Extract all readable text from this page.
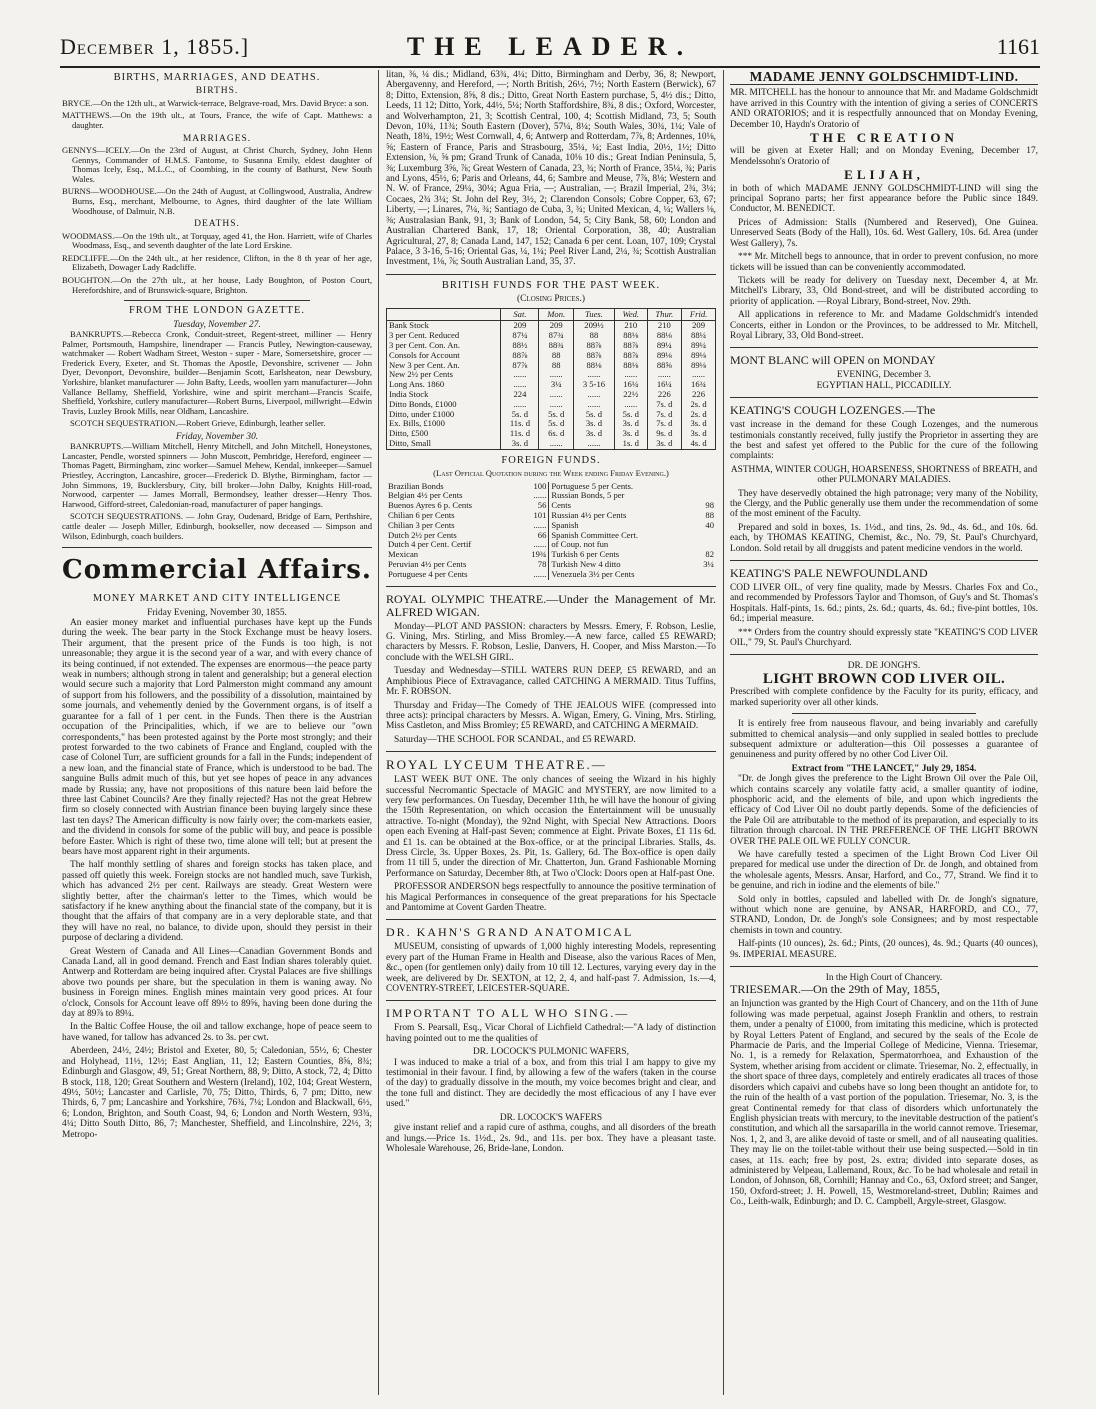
December 1, 1855.]	THE LEADER.	1161
BIRTHS, MARRIAGES, AND DEATHS.
BIRTHS.

BRYCE.—On the 12th ult., at Warwick-terrace, Belgrave-road, Mrs. David Bryce: a son.

MATTHEWS.—On the 19th ult., at Tours, France, the wife of Capt. Matthews: a daughter.

MARRIAGES.

GENNYS—ICELY.—On the 23rd of August, at Christ Church, Sydney, John Henn Gennys, Commander of H.M.S. Fantome, to Susanna Emily, eldest daughter of Thomas Icely, Esq., M.L.C., of Coombing, in the county of Bathurst, New South Wales.

BURNS—WOODHOUSE.—On the 24th of August, at Collingwood, Australia, Andrew Burns, Esq., merchant, Melbourne, to Agnes, third daughter of the late William Woodhouse, of Dalmuir, N.B.

DEATHS.

WOODMASS.—On the 19th ult., at Torquay, aged 41, the Hon. Harriett, wife of Charles Woodmass, Esq., and seventh daughter of the late Lord Erskine.

REDCLIFFE.—On the 24th ult., at her residence, Clifton, in the 8 th year of her age, Elizabeth, Dowager Lady Radcliffe.

BOUGHTON.—On the 27th ult., at her house, Lady Boughton, of Poston Court, Herefordshire, and of Brunswick-square, Brighton.

FROM THE LONDON GAZETTE.
Tuesday, November 27.

BANKRUPTS.—Rebecca Cronk, Conduit-street, Regent-street, milliner — Henry Palmer, Portsmouth, Hampshire, linendraper — Francis Putley, Newington-causeway, watchmaker — Robert Wadham Street, Weston - super - Mare, Somersetshire, grocer — Frederick Every, Exeter, and St. Thomas the Apostle, Devonshire, scrivener — John Dyer, Devonport, Devonshire, builder—Benjamin Scott, Earlsheaton, near Dewsbury, Yorkshire, blanket manufacturer — John Bafty, Leeds, woollen yarn manufacturer—John Vallance Bellamy, Sheffield, Yorkshire, wine and spirit merchant—Francis Scaife, Sheffield, Yorkshire, cutlery manufacturer—Robert Burns, Liverpool, millwright—Edwin Travis, Luzley Brook Mills, near Oldham, Lancashire.

SCOTCH SEQUESTRATION.—Robert Grieve, Edinburgh, leather seller.

Friday, November 30.

BANKRUPTS.—William Mitchell, Henry Mitchell, and John Mitchell, Honeystones, Lancaster, Pendle, worsted spinners — John Muscott, Pembridge, Hereford, engineer — Thomas Pagett, Birmingham, zinc worker—Samuel Mehew, Kendal, innkeeper—Samuel Priestley, Accrington, Lancashire, grocer—Frederick D. Blythe, Birmingham, factor — John Simmons, 19, Bucklersbury, City, bill broker—John Dalby, Knights Hill-road, Norwood, carpenter — James Morrall, Bermondsey, leather dresser—Henry Thos. Harwood, Gifford-street, Caledonian-road, manufacturer of paper hangings.

SCOTCH SEQUESTRATIONS. — John Gray, Oudenard, Bridge of Earn, Perthshire, cattle dealer — Joseph Miller, Edinburgh, bookseller, now deceased — Simpson and Wilson, Edinburgh, coach builders.

Commercial Affairs.
MONEY MARKET AND CITY INTELLIGENCE
Friday Evening, November 30, 1855.

An easier money market and influential purchases have kept up the Funds during the week. The bear party in the Stock Exchange must be heavy losers. Their argument, that the present price of the Funds is too high, is not unreasonable; they argue it is the second year of a war, and with every chance of its being continued, if not extended. The expenses are enormous—the peace party weak in numbers; although strong in talent and generalship; but a general election would secure such a majority that Lord Palmerston might command any amount of support from his followers, and the possibility of a dissolution, maintained by some journals, and vehemently denied by the Government organs, is of itself a guarantee for a fall of 1 per cent. in the Funds. Then there is the Austrian occupation of the Principalities, which, if we are to believe our "own correspondents," has been protested against by the Porte most strongly; and their protest forwarded to the two cabinets of France and England, coupled with the case of Colonel Turr, are sufficient grounds for a fall in the Funds; independent of a new loan, and the financial state of France, which is understood to be bad. The sanguine Bulls admit much of this, but yet see hopes of peace in any advances made by Russia; any, have not propositions of this nature been laid before the three last Cabinet Councils? Are they finally rejected? Has not the great Hebrew firm so closely connected with Austrian finance been buying largely since these last ten days? The American difficulty is now fairly over; the com-markets easier, and the dividend in consols for some of the public will buy, and peace is possible before Easter. Which is right of these two, time alone will tell; but at present the bears have most apparent right in their arguments.

The half monthly settling of shares and foreign stocks has taken place, and passed off quietly this week. Foreign stocks are not handled much, save Turkish, which has advanced 2½ per cent. Railways are steady. Great Western were slightly better, after the chairman's letter to the Times, which would be satisfactory if he knew anything about the financial state of the company, but it is thought that the affairs of that company are in a very deplorable state, and that they will have no real, no balance, to divide upon, should they persist in their purpose of declaring a dividend.

Great Western of Canada and All Lines—Canadian Government Bonds and Canada Land, all in good demand. French and East Indian shares tolerably quiet. Antwerp and Rotterdam are being inquired after. Crystal Palaces are five shillings above two pounds per share, but the speculation in them is waning away. No business in Foreign mines. English mines maintain very good prices. At four o'clock, Consols for Account leave off 89½ to 89⅝, having been done during the day at 89⅞ to 89¼.

In the Baltic Coffee House, the oil and tallow exchange, hope of peace seem to have waned, for tallow has advanced 2s. to 3s. per cwt.

Aberdeen, 24½, 24½; Bristol and Exeter, 80, 5; Caledonian, 55½, 6; Chester and Holyhead, 11½, 12½; East Anglian, 11, 12; Eastern Counties, 8⅝, 8¾; Edinburgh and Glasgow, 49, 51; Great Northern, 88, 9; Ditto, A stock, 72, 4; Ditto B stock, 118, 120; Great Southern and Western (Ireland), 102, 104; Great Western, 49½, 50½; Lancaster and Carlisle, 70, 75; Ditto, Thirds, 6, 7 pm; Ditto, new Thirds, 6, 7 pm; Lancashire and Yorkshire, 76¾, 7¼; London and Blackwall, 6½, 6; London, Brighton, and South Coast, 94, 6; London and North Western, 93¾, 4¼; Ditto South Ditto, 86, 7; Manchester, Sheffield, and Lincolnshire, 22½, 3; Metropo-

litan, ⅜, ¼ dis.; Midland, 63¾, 4¼; Ditto, Birmingham and Derby, 36, 8; Newport, Abergavenny, and Hereford, —; North British, 26½, 7½; North Eastern (Berwick), 67 8; Ditto, Extension, 8⅝, 8 dis.; Ditto, Great North Eastern purchase, 5, 4½ dis.; Ditto, Leeds, 11 12; Ditto, York, 44½, 5¼; North Staffordshire, 8¾, 8 dis.; Oxford, Worcester, and Wolverhampton, 21, 3; Scottish Central, 100, 4; Scottish Midland, 73, 5; South Devon, 10¾, 11¾; South Eastern (Dover), 57¼, 8¼; South Wales, 30¾, 1¼; Vale of Neath, 18¾, 19½; West Cornwall, 4, 6; Antwerp and Rotterdam, 7⅞, 8; Ardennes, 10⅛, ⅝; Eastern of France, Paris and Strasbourg, 35¼, ¼; East India, 20½, 1½; Ditto Extension, ⅛, ⅝ pm; Grand Trunk of Canada, 10⅛ 10 dis.; Great Indian Peninsula, 5, ⅜; Luxemburg 3⅝, ⅞; Great Western of Canada, 23, ¾; North of France, 35¼, ¾; Paris and Lyons, 45½, 6; Paris and Orleans, 44, 6; Sambre and Meuse, 7⅞, 8⅛; Western and N. W. of France, 29¼, 30¼; Agua Fria, —; Australian, —; Brazil Imperial, 2¾, 3¼; Cocaes, 2¾ 3¼; St. John del Rey, 3½, 2; Clarendon Consols; Cobre Copper, 63, 67; Liberty, —; Linares, 7¼, ¾; Santiago de Cuba, 3, ¾; United Mexican, 4, ¼; Wallers ⅛, ⅜; Australasian Bank, 91, 3; Bank of London, 54, 5; City Bank, 58, 60; London and Australian Chartered Bank, 17, 18; Oriental Corporation, 38, 40; Australian Agricultural, 27, 8; Canada Land, 147, 152; Canada 6 per cent. Loan, 107, 109; Crystal Palace, 3 3-16, 5-16; Oriental Gas, ¼, 1¼; Peel River Land, 2¼, ¾; Scottish Australian Investment, 1⅛, ⅞; South Australian Land, 35, 37.

BRITISH FUNDS FOR THE PAST WEEK.
(Closing Prices.)
	Sat.	Mon.	Tues.	Wed.	Thur.	Frid.
Bank Stock	209	209	209½	210	210	209
3 per Cent. Reduced	87¼	87¾	88	88⅛	88⅛	88¼
3 per Cent. Con. An.	88½	88¾	88⅞	88⅞	89¼	89¼
Consols for Account	88⅞	88	88⅞	88⅞	89⅛	89⅛
New 3 per Cent. An.	87⅞	88	88⅛	88⅛	88⅝	89⅛
New 2½ per Cents	......	......	......	......	......	......
Long Ans. 1860	......	3¼	3 5-16	16¼	16¼	16¾
India Stock	224	......	......	22½	226	226
Ditto Bonds, £1000	......	......	......	......	7s. d	2s. d
Ditto, under £1000	5s. d	5s. d	5s. d	5s. d	7s. d	2s. d
Ex. Bills, £1000	11s. d	5s. d	3s. d	3s. d	7s. d	3s. d
Ditto, £500	11s. d	6s. d	3s. d	3s. d	9s. d	3s. d
Ditto, Small	3s. d	......	......	1s. d	3s. d	4s. d
FOREIGN FUNDS.
(Last Official Quotation during the Week ending Friday Evening.)
Brazilian Bonds	100	Portuguese 5 per Cents.	
Belgian 4½ per Cents	......	Russian Bonds, 5 per	
Buenos Ayres 6 p. Cents	56	Cents	98
Chilian 6 per Cents	101	Russian 4½ per Cents	88
Chilian 3 per Cents	......	Spanish	40
Dutch 2½ per Cents	66	Spanish Committee Cert.	
Dutch 4 per Cent. Certif	......	of Coup. not fun	
Mexican	19¾	Turkish 6 per Cents	82
Peruvian 4½ per Cents	78	Turkish New 4 ditto	3¼
Portuguese 4 per Cents	......	Venezuela 3½ per Cents	

ROYAL OLYMPIC THEATRE.—Under the Management of Mr. ALFRED WIGAN.

Monday—PLOT AND PASSION: characters by Messrs. Emery, F. Robson, Leslie, G. Vining, Mrs. Stirling, and Miss Bromley.—A new farce, called £5 REWARD; characters by Messrs. F. Robson, Leslie, Danvers, H. Cooper, and Miss Marston.—To conclude with the WELSH GIRL.

Tuesday and Wednesday—STILL WATERS RUN DEEP, £5 REWARD, and an Amphibious Piece of Extravagance, called CATCHING A MERMAID. Titus Tuffins, Mr. F. ROBSON.

Thursday and Friday—The Comedy of THE JEALOUS WIFE (compressed into three acts): principal characters by Messrs. A. Wigan, Emery, G. Vining, Mrs. Stirling, Miss Castleton, and Miss Bromley; £5 REWARD, and CATCHING A MERMAID.

Saturday—THE SCHOOL FOR SCANDAL, and £5 REWARD.

ROYAL LYCEUM THEATRE.—

LAST WEEK BUT ONE. The only chances of seeing the Wizard in his highly successful Necromantic Spectacle of MAGIC and MYSTERY, are now limited to a very few performances. On Tuesday, December 11th, he will have the honour of giving the 150th Representation, on which occasion the Entertainment will be unusually attractive. To-night (Monday), the 92nd Night, with Special New Attractions. Doors open each Evening at Half-past Seven; commence at Eight. Private Boxes, £1 11s 6d. and £1 1s. can be obtained at the Box-office, or at the principal Libraries. Stalls, 4s. Dress Circle, 3s. Upper Boxes, 2s. Pit, 1s. Gallery, 6d. The Box-office is open daily from 11 till 5, under the direction of Mr. Chatterton, Jun. Grand Fashionable Morning Performance on Saturday, December 8th, at Two o'Clock: Doors open at Half-past One.

PROFESSOR ANDERSON begs respectfully to announce the positive termination of his Magical Performances in consequence of the great preparations for his Spectacle and Pantomime at Covent Garden Theatre.

DR. KAHN'S GRAND ANATOMICAL

MUSEUM, consisting of upwards of 1,000 highly interesting Models, representing every part of the Human Frame in Health and Disease, also the various Races of Men, &c., open (for gentlemen only) daily from 10 till 12. Lectures, varying every day in the week, are delivered by Dr. SEXTON, at 12, 2, 4, and half-past 7. Admission, 1s.—4, COVENTRY-STREET, LEICESTER-SQUARE.

IMPORTANT TO ALL WHO SING.—

From S. Pearsall, Esq., Vicar Choral of Lichfield Cathedral:—"A lady of distinction having pointed out to me the qualities of

DR. LOCOCK'S PULMONIC WAFERS,

I was induced to make a trial of a box, and from this trial I am happy to give my testimonial in their favour. I find, by allowing a few of the wafers (taken in the course of the day) to gradually dissolve in the mouth, my voice becomes bright and clear, and the tone full and distinct. They are decidedly the most efficacious of any I have ever used."

DR. LOCOCK'S WAFERS

give instant relief and a rapid cure of asthma, coughs, and all disorders of the breath and lungs.—Price 1s. 1½d., 2s. 9d., and 11s. per box. They have a pleasant taste. Wholesale Warehouse, 26, Bride-lane, London.

MADAME JENNY GOLDSCHMIDT-LIND.

MR. MITCHELL has the honour to announce that Mr. and Madame Goldschmidt have arrived in this Country with the intention of giving a series of CONCERTS AND ORATORIOS; and it is respectfully announced that on Monday Evening, December 10, Haydn's Oratorio of

THE CREATION

will be given at Exeter Hall; and on Monday Evening, December 17, Mendelssohn's Oratorio of

ELIJAH,

in both of which MADAME JENNY GOLDSCHMIDT-LIND will sing the principal Soprano parts; her first appearance before the Public since 1849. Conductor, M. BENEDICT.

Prices of Admission: Stalls (Numbered and Reserved), One Guinea. Unreserved Seats (Body of the Hall), 10s. 6d. West Gallery, 10s. 6d. Area (under West Gallery), 7s.

*** Mr. Mitchell begs to announce, that in order to prevent confusion, no more tickets will be issued than can be conveniently accommodated.

Tickets will be ready for delivery on Tuesday next, December 4, at Mr. Mitchell's Library, 33, Old Bond-street, and will be distributed according to priority of application. —Royal Library, Bond-street, Nov. 29th.

All applications in reference to Mr. and Madame Goldschmidt's intended Concerts, either in London or the Provinces, to be addressed to Mr. Mitchell, Royal Library, 33, Old Bond-street.

MONT BLANC will OPEN on MONDAY

EVENING, December 3.
EGYPTIAN HALL, PICCADILLY.

KEATING'S COUGH LOZENGES.—The

vast increase in the demand for these Cough Lozenges, and the numerous testimonials constantly received, fully justify the Proprietor in asserting they are the best and safest yet offered to the Public for the cure of the following complaints:

ASTHMA, WINTER COUGH, HOARSENESS, SHORTNESS of BREATH, and other PULMONARY MALADIES.

They have deservedly obtained the high patronage; very many of the Nobility, the Clergy, and the Public generally use them under the recommendation of some of the most eminent of the Faculty.

Prepared and sold in boxes, 1s. 1½d., and tins, 2s. 9d., 4s. 6d., and 10s. 6d. each, by THOMAS KEATING, Chemist, &c., No. 79, St. Paul's Churchyard, London. Sold retail by all druggists and patent medicine vendors in the world.

KEATING'S PALE NEWFOUNDLAND

COD LIVER OIL, of very fine quality, made by Messrs. Charles Fox and Co., and recommended by Professors Taylor and Thomson, of Guy's and St. Thomas's Hospitals. Half-pints, 1s. 6d.; pints, 2s. 6d.; quarts, 4s. 6d.; five-pint bottles, 10s. 6d.; imperial measure.

*** Orders from the country should expressly state "KEATING'S COD LIVER OIL," 79, St. Paul's Churchyard.

DR. DE JONGH'S.
LIGHT BROWN COD LIVER OIL.

Prescribed with complete confidence by the Faculty for its purity, efficacy, and marked superiority over all other kinds.

It is entirely free from nauseous flavour, and being invariably and carefully submitted to chemical analysis—and only supplied in sealed bottles to preclude subsequent admixture or adulteration—this Oil possesses a guarantee of genuineness and purity offered by no other Cod Liver Oil.

Extract from "THE LANCET," July 29, 1854.

"Dr. de Jongh gives the preference to the Light Brown Oil over the Pale Oil, which contains scarcely any volatile fatty acid, a smaller quantity of iodine, phosphoric acid, and the elements of bile, and upon which ingredients the efficacy of Cod Liver Oil no doubt partly depends. Some of the deficiencies of the Pale Oil are attributable to the method of its preparation, and especially to its filtration through charcoal. IN THE PREFERENCE OF THE LIGHT BROWN OVER THE PALE OIL WE FULLY CONCUR.

We have carefully tested a specimen of the Light Brown Cod Liver Oil prepared for medical use under the direction of Dr. de Jongh, and obtained from the wholesale agents, Messrs. Ansar, Harford, and Co., 77, Strand. We find it to be genuine, and rich in iodine and the elements of bile."

Sold only in bottles, capsuled and labelled with Dr. de Jongh's signature, without which none are genuine, by ANSAR, HARFORD, and CO., 77, STRAND, London, Dr. de Jongh's sole Consignees; and by most respectable chemists in town and country.

Half-pints (10 ounces), 2s. 6d.; Pints, (20 ounces), 4s. 9d.; Quarts (40 ounces), 9s. IMPERIAL MEASURE.

In the High Court of Chancery.

TRIESEMAR.—On the 29th of May, 1855,

an Injunction was granted by the High Court of Chancery, and on the 11th of June following was made perpetual, against Joseph Franklin and others, to restrain them, under a penalty of £1000, from imitating this medicine, which is protected by Royal Letters Patent of England, and secured by the seals of the Ecole de Pharmacie de Paris, and the Imperial College of Medicine, Vienna. Triesemar, No. 1, is a remedy for Relaxation, Spermatorrhoea, and Exhaustion of the System, whether arising from accident or climate. Triesemar, No. 2, effectually, in the short space of three days, completely and entirely eradicates all traces of those disorders which capaivi and cubebs have so long been thought an antidote for, to the ruin of the health of a vast portion of the population. Triesemar, No. 3, is the great Continental remedy for that class of disorders which unfortunately the English physician treats with mercury, to the inevitable destruction of the patient's constitution, and which all the sarsaparilla in the world cannot remove. Triesemar, Nos. 1, 2, and 3, are alike devoid of taste or smell, and of all nauseating qualities. They may lie on the toilet-table without their use being suspected.—Sold in tin cases, at 11s. each; free by post, 2s. extra; divided into separate doses, as administered by Velpeau, Lallemand, Roux, &c. To be had wholesale and retail in London, of Johnson, 68, Cornhill; Hannay and Co., 63, Oxford street; and Sanger, 150, Oxford-street; J. H. Powell, 15, Westmoreland-street, Dublin; Raimes and Co., Leith-walk, Edinburgh; and D. C. Campbell, Argyle-street, Glasgow.
